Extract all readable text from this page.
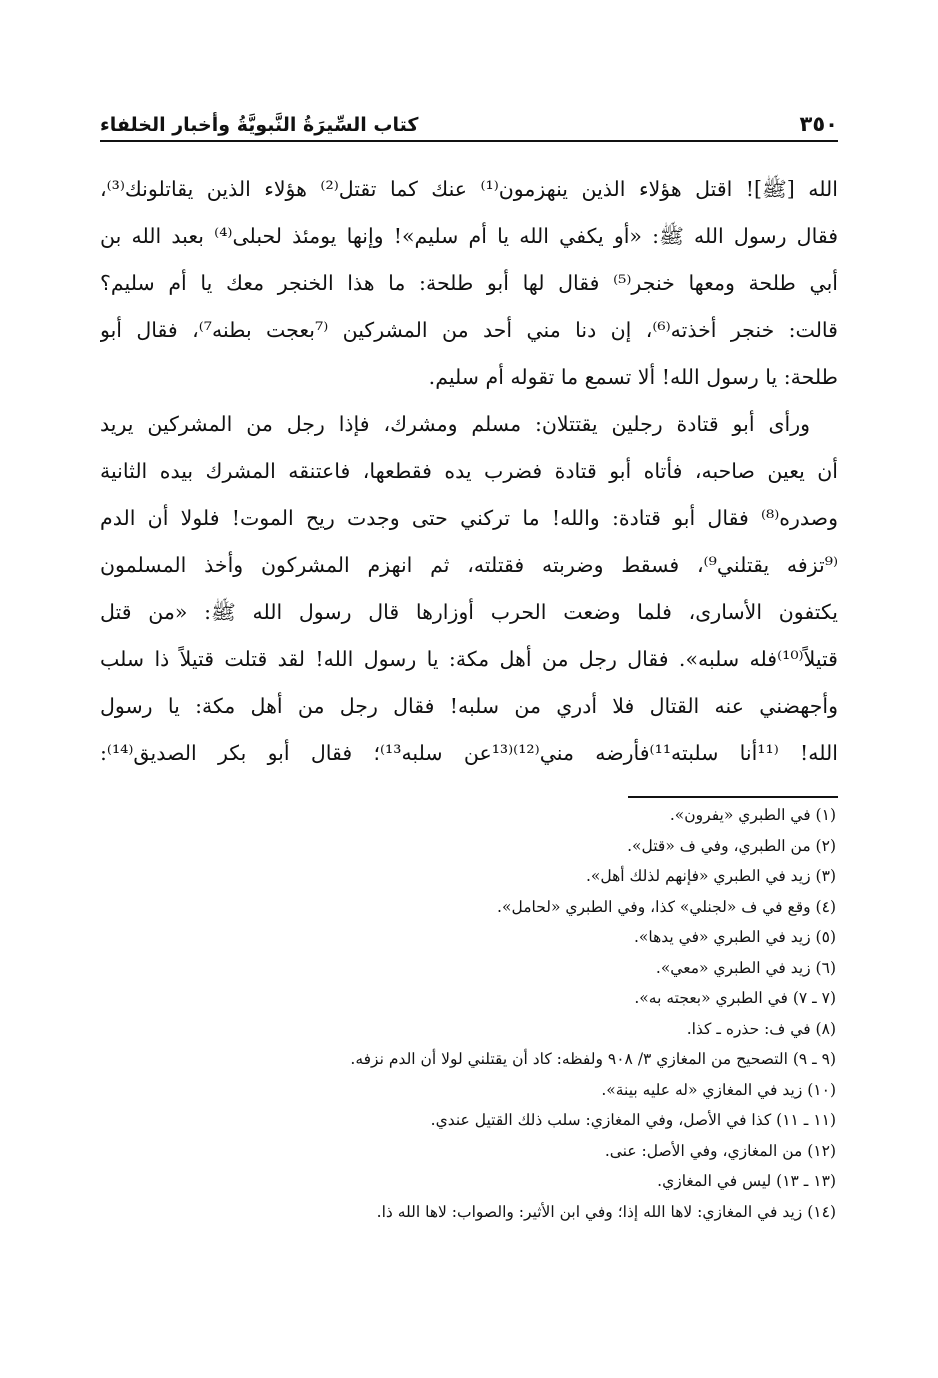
٣٥٠
كتاب السِّيرَةُ النَّبويَّةُ وأخبار الخلفاء
الله [ﷺ]! اقتل هؤلاء الذين ينهزمون⁽¹⁾ عنك كما تقتل⁽²⁾ هؤلاء الذين يقاتلونك⁽³⁾،
فقال رسول الله ﷺ: «أو يكفي الله يا أم سليم»! وإنها يومئذ لحبلى⁽⁴⁾ بعبد الله بن
أبي طلحة ومعها خنجر⁽⁵⁾ فقال لها أبو طلحة: ما هذا الخنجر معك يا أم سليم؟
قالت: خنجر أخذته⁽⁶⁾، إن دنا مني أحد من المشركين ⁽⁷بعجت بطنه⁷⁾، فقال أبو
طلحة: يا رسول الله! ألا تسمع ما تقوله أم سليم.
ورأى أبو قتادة رجلين يقتتلان: مسلم ومشرك، فإذا رجل من المشركين يريد
أن يعين صاحبه، فأتاه أبو قتادة فضرب يده فقطعها، فاعتنقه المشرك بيده الثانية
وصدره⁽⁸⁾ فقال أبو قتادة: والله! ما تركني حتى وجدت ريح الموت! فلولا أن الدم
⁽⁹تزفه يقتلني⁹⁾، فسقط وضربته فقتلته، ثم انهزم المشركون وأخذ المسلمون
يكتفون الأسارى، فلما وضعت الحرب أوزارها قال رسول الله ﷺ: «من قتل
قتيلاً⁽¹⁰⁾فله سلبه». فقال رجل من أهل مكة: يا رسول الله! لقد قتلت قتيلاً ذا سلب
وأجهضني عنه القتال فلا أدري من سلبه! فقال رجل من أهل مكة: يا رسول
الله! ⁽¹¹أنا سلبته¹¹⁾فأرضه مني⁽¹²⁾⁽¹³عن سلبه¹³⁾؛ فقال أبو بكر الصديق⁽¹⁴⁾:
(١) في الطبري «يفرون».
(٢) من الطبري، وفي ف «قتل».
(٣) زيد في الطبري «فإنهم لذلك أهل».
(٤) وقع في ف «لجنلي» كذا، وفي الطبري «لحامل».
(٥) زيد في الطبري «في يدها».
(٦) زيد في الطبري «معي».
(٧ ـ ٧) في الطبري «بعجته به».
(٨) في ف: حذره ـ كذا.
(٩ ـ ٩) التصحيح من المغازي ٣/ ٩٠٨ ولفظه: كاد أن يقتلني لولا أن الدم نزفه.
(١٠) زيد في المغازي «له عليه بينة».
(١١ ـ ١١) كذا في الأصل، وفي المغازي: سلب ذلك القتيل عندي.
(١٢) من المغازي، وفي الأصل: عنى.
(١٣ ـ ١٣) ليس في المغازي.
(١٤) زيد في المغازي: لاها الله إذا؛ وفي ابن الأثير: والصواب: لاها الله ذا.
